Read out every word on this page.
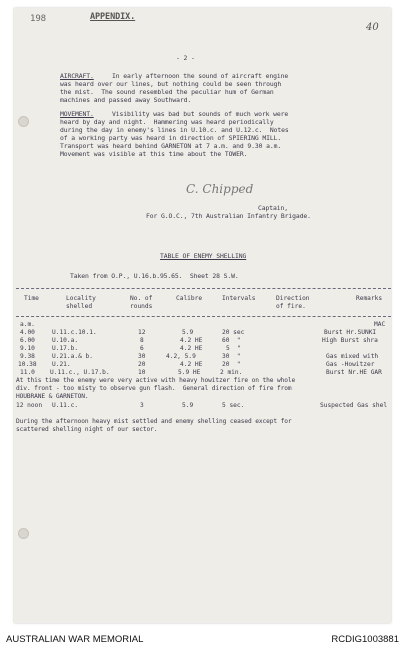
198	APPENDIX.
40
- 2 -
AIRCRAFT.	In early afternoon the sound of aircraft engine
was heard over our lines, but nothing could be seen through
the mist.  The sound resembled the peculiar hum of German
machines and passed away Southward.
MOVEMENT.	Visibility was bad but sounds of much work were
heard by day and night.  Hammering was heard periodically
during the day in enemy's lines in U.10.c. and U.12.c.  Notes
of a working party was heard in direction of SPIERING MILL.
Transport was heard behind GARNETON at 7 a.m. and 9.30 a.m.
Movement was visible at this time about the TOWER.
C. Chipped
Captain,
For G.O.C., 7th Australian Infantry Brigade.
TABLE OF ENEMY SHELLING
Taken from O.P., U.16.b.95.65.  Sheet 28 S.W.
Time	Locality
shelled
No. of
rounds
Calibre	Intervals	Direction
of fire.
Remarks
a.m.	MAC
4.00	U.11.c.10.1.	12	5.9	20 sec	Burst Hr.SUNKI
6.00	U.10.a.	8	4.2 HE	60  "	High Burst shra
9.10	U.17.b.	6	4.2 HE	5  "
9.38	U.21.a.& b.	30	4.2, 5.9	30  "	Gas mixed with
10.38 U.21.	20	4.2 HE	20  "	Gas -Howitzer
11.0 U.11.c., U.17.b.	10	5.9 HE	2 min.	Burst Nr.HE GAR
At this time the enemy were very active with heavy howitzer fire on the whole
div. front - too misty to observe gun flash.  General direction of fire from
HOUBRANE & GARNETON.
12 noon U.11.c.	3	5.9	5 sec.	Suspected Gas shel
During the afternoon heavy mist settled and enemy shelling ceased except for
scattered shelling night of our sector.
AUSTRALIAN WAR MEMORIAL	RCDIG1003881
